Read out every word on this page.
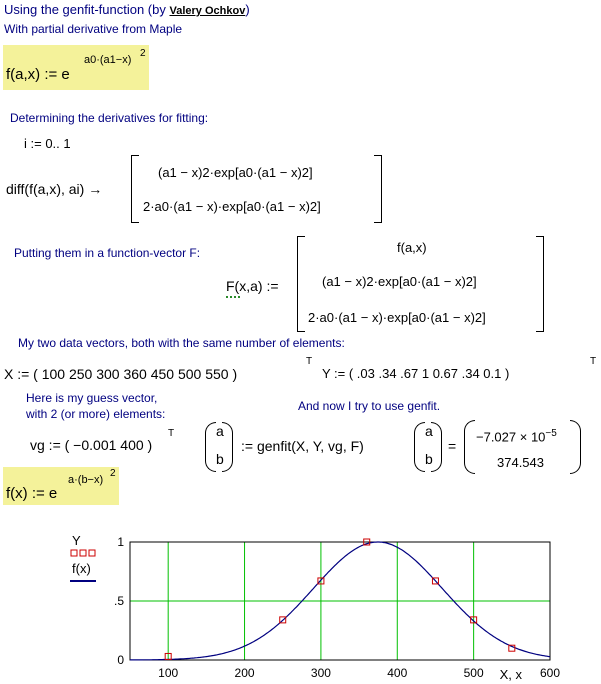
Using the genfit-function (by Valery Ochkov)
With partial derivative from Maple
f(a,x) := e
a0·(a1−x)
2
Determining the derivatives for fitting:
i := 0.. 1
diff(f(a,x), ai) →
(a1 − x)2·exp[a0·(a1 − x)2]
2·a0·(a1 − x)·exp[a0·(a1 − x)2]
Putting them in a function-vector F:
F(x,a) :=
f(a,x)
(a1 − x)2·exp[a0·(a1 − x)2]
2·a0·(a1 − x)·exp[a0·(a1 − x)2]
My two data vectors, both with the same number of elements:
X := ( 100 250 300 360 450 500 550 )
T
Y := ( .03 .34 .67 1 0.67 .34 0.1 )
T
Here is my guess vector,
with 2 (or more) elements:
And now I try to use genfit.
vg := ( −0.001 400 )
T	a
b
:= genfit(X, Y, vg, F)
a
b
=
$-7.027 \times 10^{-5}$
374.543
f(x) := e
a·(b−x)
2
Y
f(x)
100	200	300	400	500	600
0
.5
1
X, x
